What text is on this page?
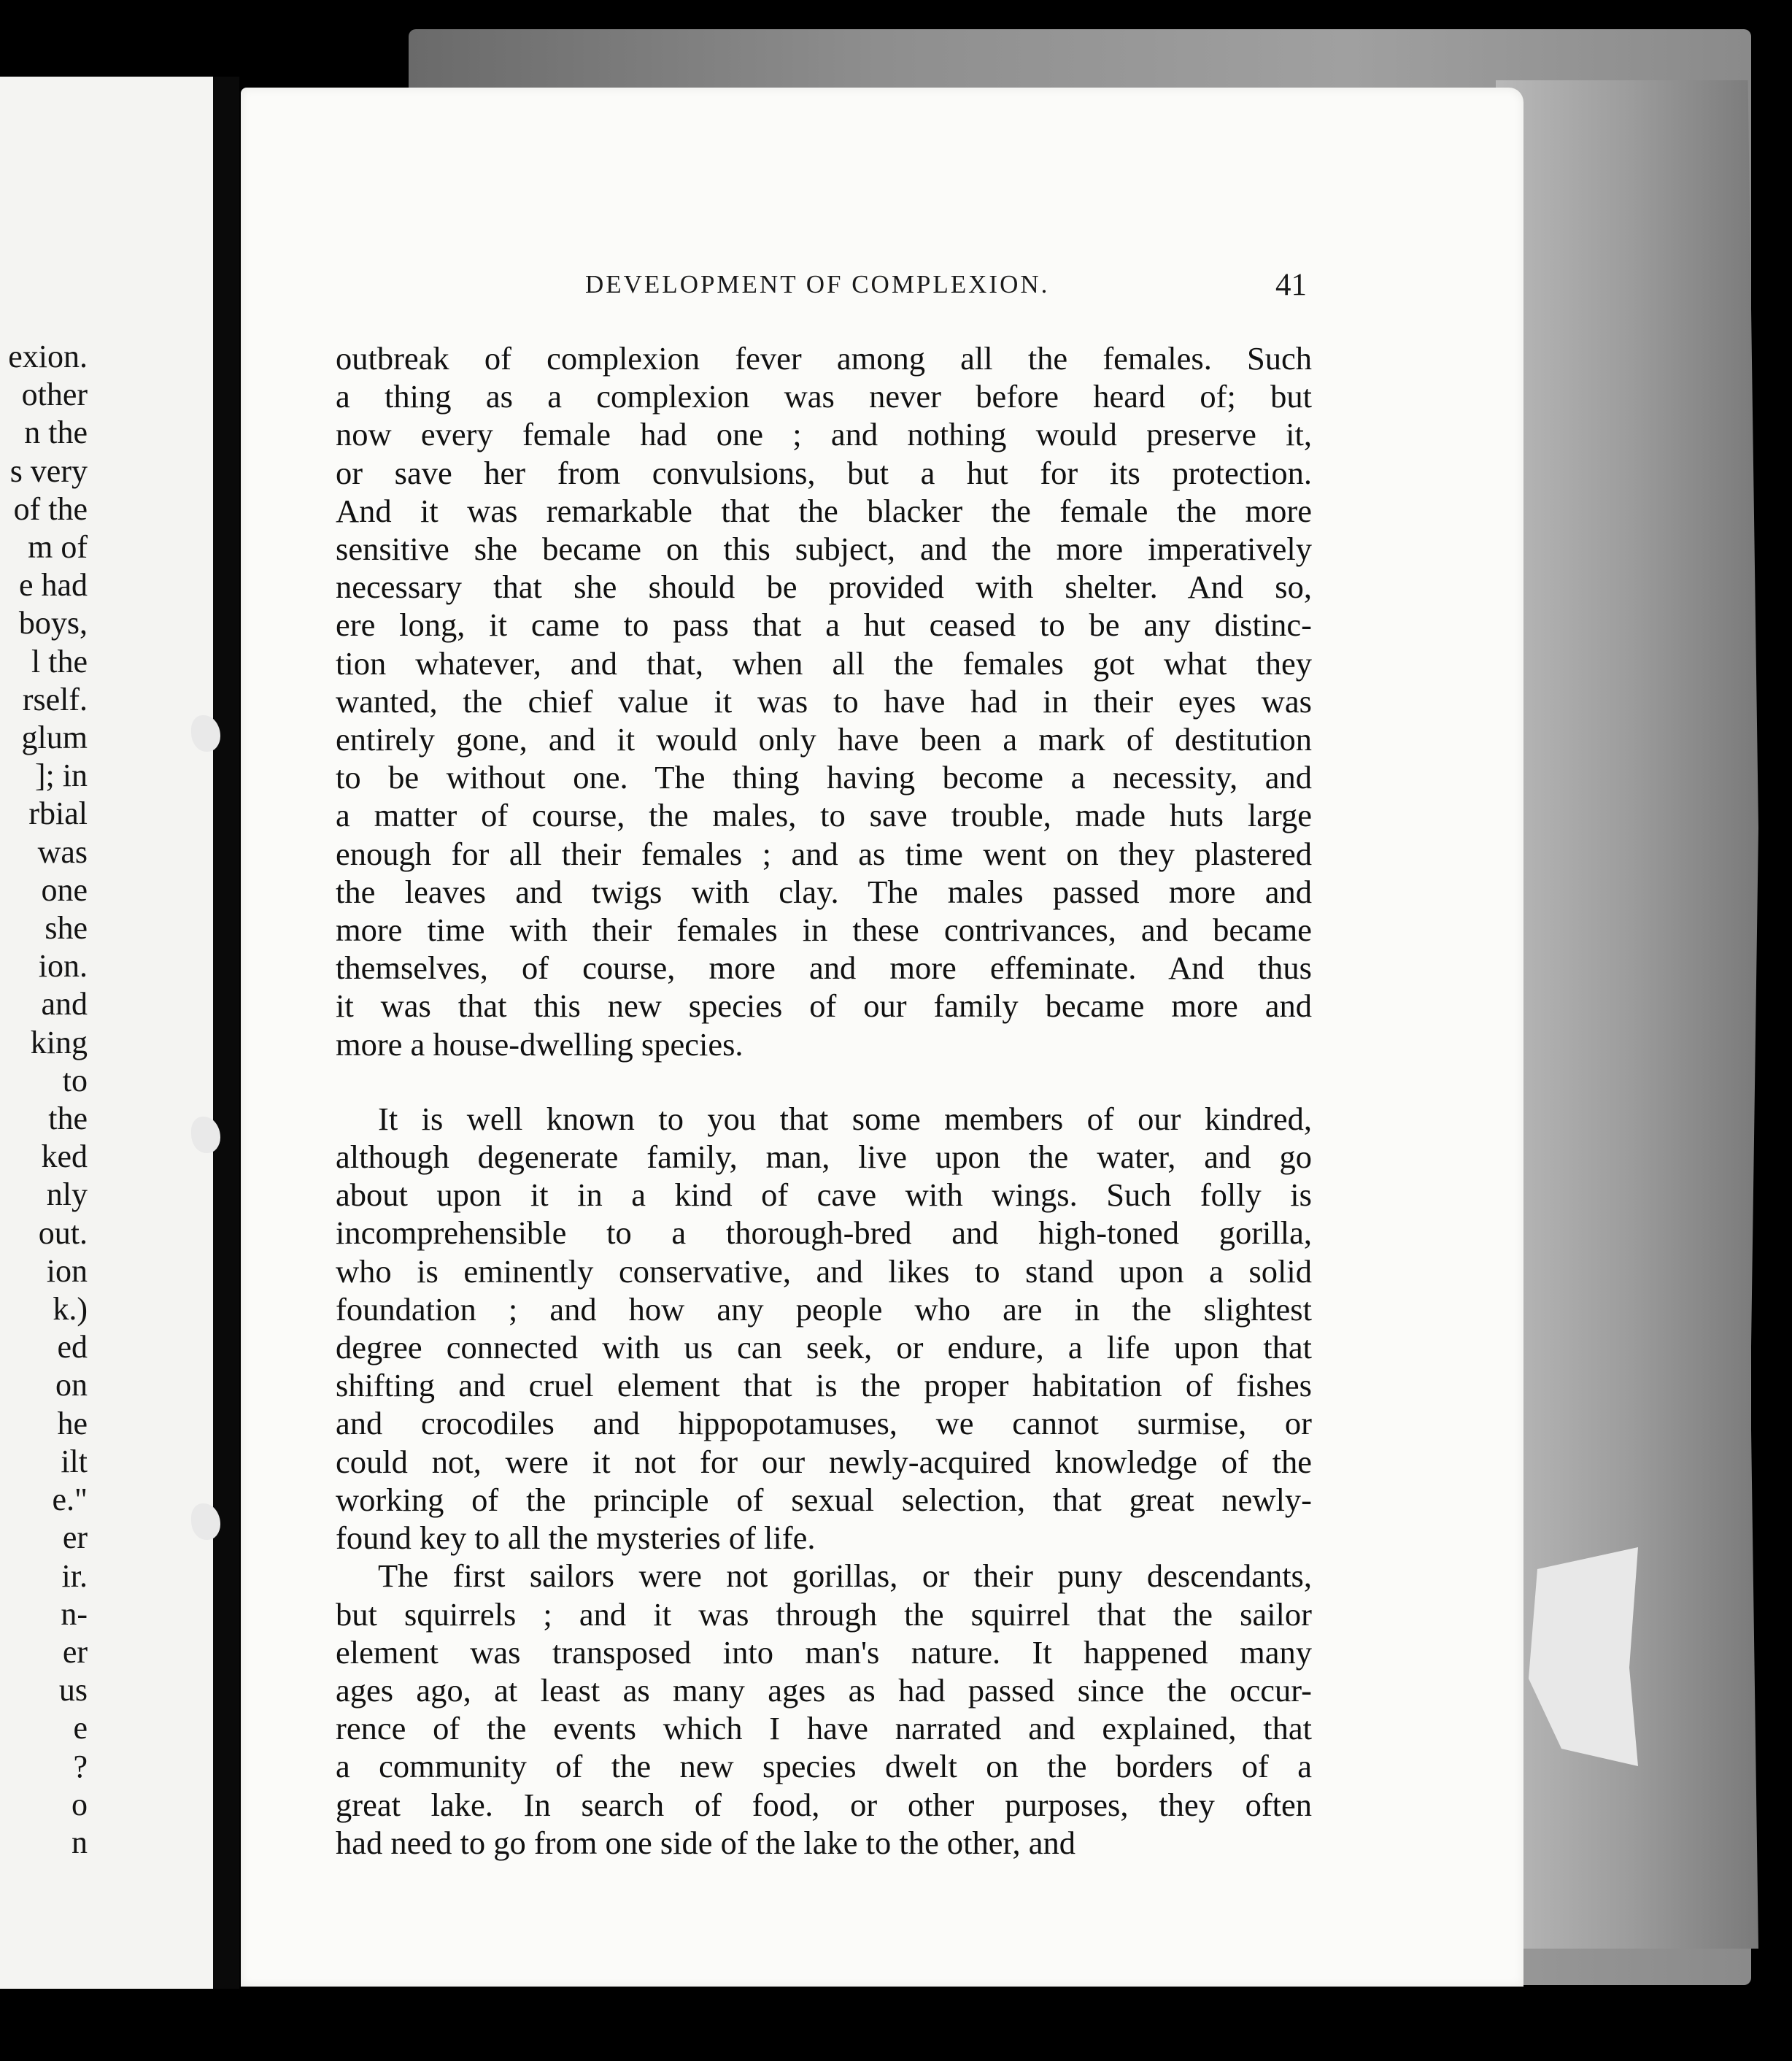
exion.
other
n the
s very
of the
m of
e had
boys,
l the
rself.
glum
]; in
rbial
was
one
she
ion.
and
king
to
the
ked
nly
out.
ion
k.)
ed
on
he
ilt
e."
er
ir.
n-
er
us
e
?
o
n
DEVELOPMENT OF COMPLEXION.	41

outbreak of complexion fever among all the females. Such
a thing as a complexion was never before heard of; but
now every female had one ; and nothing would preserve it,
or save her from convulsions, but a hut for its protection.
And it was remarkable that the blacker the female the more
sensitive she became on this subject, and the more imperatively
necessary that she should be provided with shelter. And so,
ere long, it came to pass that a hut ceased to be any distinc-
tion whatever, and that, when all the females got what they
wanted, the chief value it was to have had in their eyes was
entirely gone, and it would only have been a mark of destitution
to be without one. The thing having become a necessity, and
a matter of course, the males, to save trouble, made huts large
enough for all their females ; and as time went on they plastered
the leaves and twigs with clay. The males passed more and
more time with their females in these contrivances, and became
themselves, of course, more and more effeminate. And thus
it was that this new species of our family became more and
more a house-dwelling species.

It is well known to you that some members of our kindred,
although degenerate family, man, live upon the water, and go
about upon it in a kind of cave with wings. Such folly is
incomprehensible to a thorough-bred and high-toned gorilla,
who is eminently conservative, and likes to stand upon a solid
foundation ; and how any people who are in the slightest
degree connected with us can seek, or endure, a life upon that
shifting and cruel element that is the proper habitation of fishes
and crocodiles and hippopotamuses, we cannot surmise, or
could not, were it not for our newly-acquired knowledge of the
working of the principle of sexual selection, that great newly-
found key to all the mysteries of life.

The first sailors were not gorillas, or their puny descendants,
but squirrels ; and it was through the squirrel that the sailor
element was transposed into man's nature. It happened many
ages ago, at least as many ages as had passed since the occur-
rence of the events which I have narrated and explained, that
a community of the new species dwelt on the borders of a
great lake. In search of food, or other purposes, they often
had need to go from one side of the lake to the other, and
